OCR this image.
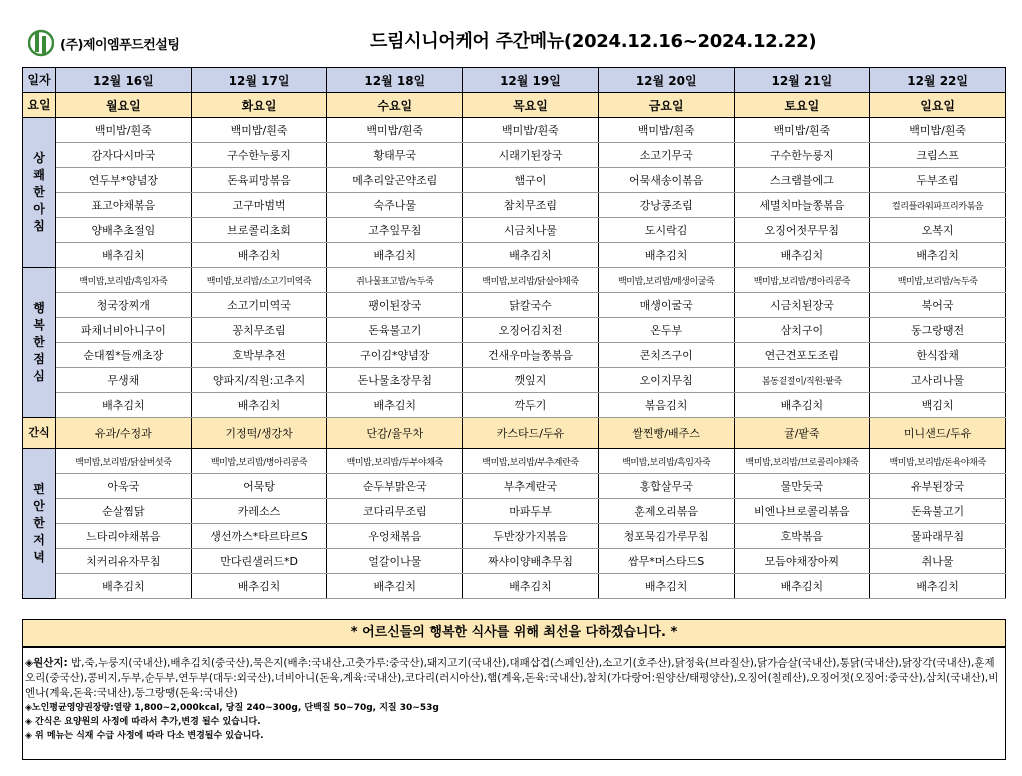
(주)제이엠푸드컨설팅	드림시니어케어 주간메뉴(2024.12.16~2024.12.22)
일자	12월 16일	12월 17일	12월 18일	12월 19일	12월 20일	12월 21일	12월 22일
요일	월요일	화요일	수요일	목요일	금요일	토요일	일요일
상쾌한아침	백미밥/흰죽	백미밥/흰죽	백미밥/흰죽	백미밥/흰죽	백미밥/흰죽	백미밥/흰죽	백미밥/흰죽
	감자다시마국	구수한누룽지	황태무국	시래기된장국	소고기무국	구수한누룽지	크림스프
	연두부*양념장	돈육피망볶음	메추리알곤약조림	햄구이	어묵새송이볶음	스크램블에그	두부조림
	표고야채볶음	고구마범벅	숙주나물	참치무조림	강낭콩조림	세멸치마늘쫑볶음	컬리플라워파프리카볶음
	양배추초절임	브로콜리초회	고추잎무침	시금치나물	도시락김	오징어젓무무침	오복지
	배추김치	배추김치	배추김치	배추김치	배추김치	배추김치	배추김치
행복한점심	백미밥,보리밥/흑임자죽	백미밥,보리밥/소고기미역죽	쥐나물표고밥/녹두죽	백미밥,보리밥/닭살야채죽	백미밥,보리밥/매생이굴죽	백미밥,보리밥/병아리콩죽	백미밥,보리밥/녹두죽
	청국장찌개	소고기미역국	팽이된장국	닭칼국수	매생이굴국	시금치된장국	북어국
	파채너비아니구이	꽁치무조림	돈육불고기	오징어김치전	온두부	삼치구이	동그랑땡전
	순대찜*들깨초장	호박부추전	구이김*양념장	건새우마늘쫑볶음	콘치즈구이	연근견포도조림	한식잡채
	무생채	양파지/직원:고추지	돈나물초장무침	깻잎지	오이지무침	봄동겉절이/직원:팥죽	고사리나물
	배추김치	배추김치	배추김치	깍두기	볶음김치	배추김치	백김치
간식	유과/수정과	기정떡/생강차	단감/율무차	카스타드/두유	쌀찐빵/배주스	귤/팥죽	미니샌드/두유
편안한저녁	백미밥,보리밥/닭살버섯죽	백미밥,보리밥/병아리콩죽	백미밥,보리밥/두부야채죽	백미밥,보리밥/부추계란죽	백미밥,보리밥/흑임자죽	백미밥,보리밥/브로콜리야채죽	백미밥,보리밥/돈육야채죽
	아욱국	어묵탕	순두부맑은국	부추계란국	홍합살무국	물만둣국	유부된장국
	순살찜닭	카레소스	코다리무조림	마파두부	훈제오리볶음	비엔나브로콜리볶음	돈육불고기
	느타리야채볶음	생선까스*타르타르S	우엉채볶음	두반장가지볶음	청포묵김가루무침	호박볶음	물파래무침
	치커리유자무침	만다린샐러드*D	얼갈이나물	짜샤이양배추무침	쌈무*머스타드S	모듬야채장아찌	취나물
	배추김치	배추김치	배추김치	배추김치	배추김치	배추김치	배추김치
* 어르신들의 행복한 식사를 위해 최선을 다하겠습니다. *
◈원산지: 밥,죽,누룽지(국내산),배추김치(중국산),묵은지(배추:국내산,고춧가루:중국산),돼지고기(국내산),대패삽겹(스페인산),소고기(호주산),닭정육(브라질산),닭가슴살(국내산),통닭(국내산),닭장각(국내산),훈제오리(중국산),콩비지,두부,순두부,연두부(대두:외국산),너비아니(돈육,계육:국내산),코다리(러시아산),햄(계육,돈육:국내산),참치(가다랑어:원양산/태평양산),오징어(칠레산),오징어젓(오징어:중국산),삼치(국내산),비엔나(계육,돈육:국내산),동그랑땡(돈육:국내산)
◈노인평균영양권장량:열량 1,800~2,000kcal, 당질 240~300g, 단백질 50~70g, 지질 30~53g
◈ 간식은 요양원의 사정에 따라서 추가,변경 될수 있습니다.
◈ 위 메뉴는 식재 수급 사정에 따라 다소 변경될수 있습니다.
